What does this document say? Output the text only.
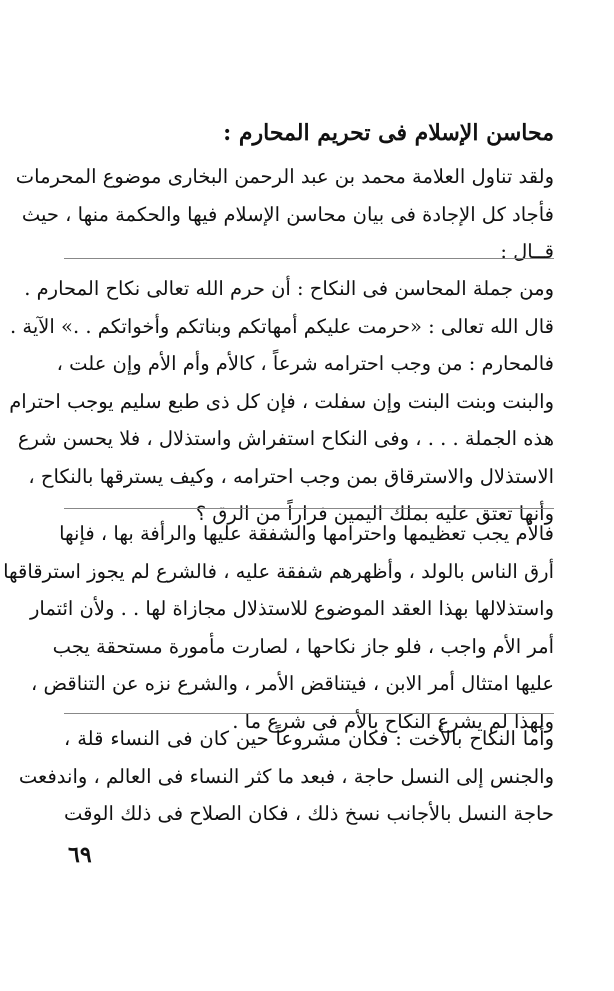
محاسن الإسلام فى تحريم المحارم :
ولقد تناول العلامة محمد بن عبد الرحمن البخارى موضوع المحرمات
فأجاد كل الإجادة فى بيان محاسن الإسلام فيها والحكمة منها ، حيث
قــال :
ومن جملة المحاسن فى النكاح : أن حرم الله تعالى نكاح المحارم .
قال الله تعالى : «حرمت عليكم أمهاتكم وبناتكم وأخواتكم . .» الآية .
فالمحارم : من وجب احترامه شرعاً ، كالأم وأم الأم وإن علت ،
والبنت وبنت البنت وإن سفلت ، فإن كل ذى طبع سليم يوجب احترام
هذه الجملة . . . ، وفى النكاح استفراش واستذلال ، فلا يحسن شرع
الاستذلال والاسترقاق بمن وجب احترامه ، وكيف يسترقها بالنكاح ،
وأنها تعتق عليه بملك اليمين فراراً من الرق ؟
فالأم يجب تعظيمها واحترامها والشفقة عليها والرأفة بها ، فإنها
أرق الناس بالولد ، وأظهرهم شفقة عليه ، فالشرع لم يجوز استرقاقها
واستذلالها بهذا العقد الموضوع للاستذلال مجازاة لها . . ولأن ائتمار
أمر الأم واجب ، فلو جاز نكاحها ، لصارت مأمورة مستحقة يجب
عليها امتثال أمر الابن ، فيتناقض الأمر ، والشرع نزه عن التناقض ،
ولهذا لم يشرع النكاح بالأم فى شرع ما .
وأما النكاح بالأخت : فكان مشروعاً حين كان فى النساء قلة ،
والجنس إلى النسل حاجة ، فبعد ما كثر النساء فى العالم ، واندفعت
حاجة النسل بالأجانب نسخ ذلك ، فكان الصلاح فى ذلك الوقت
٦٩
